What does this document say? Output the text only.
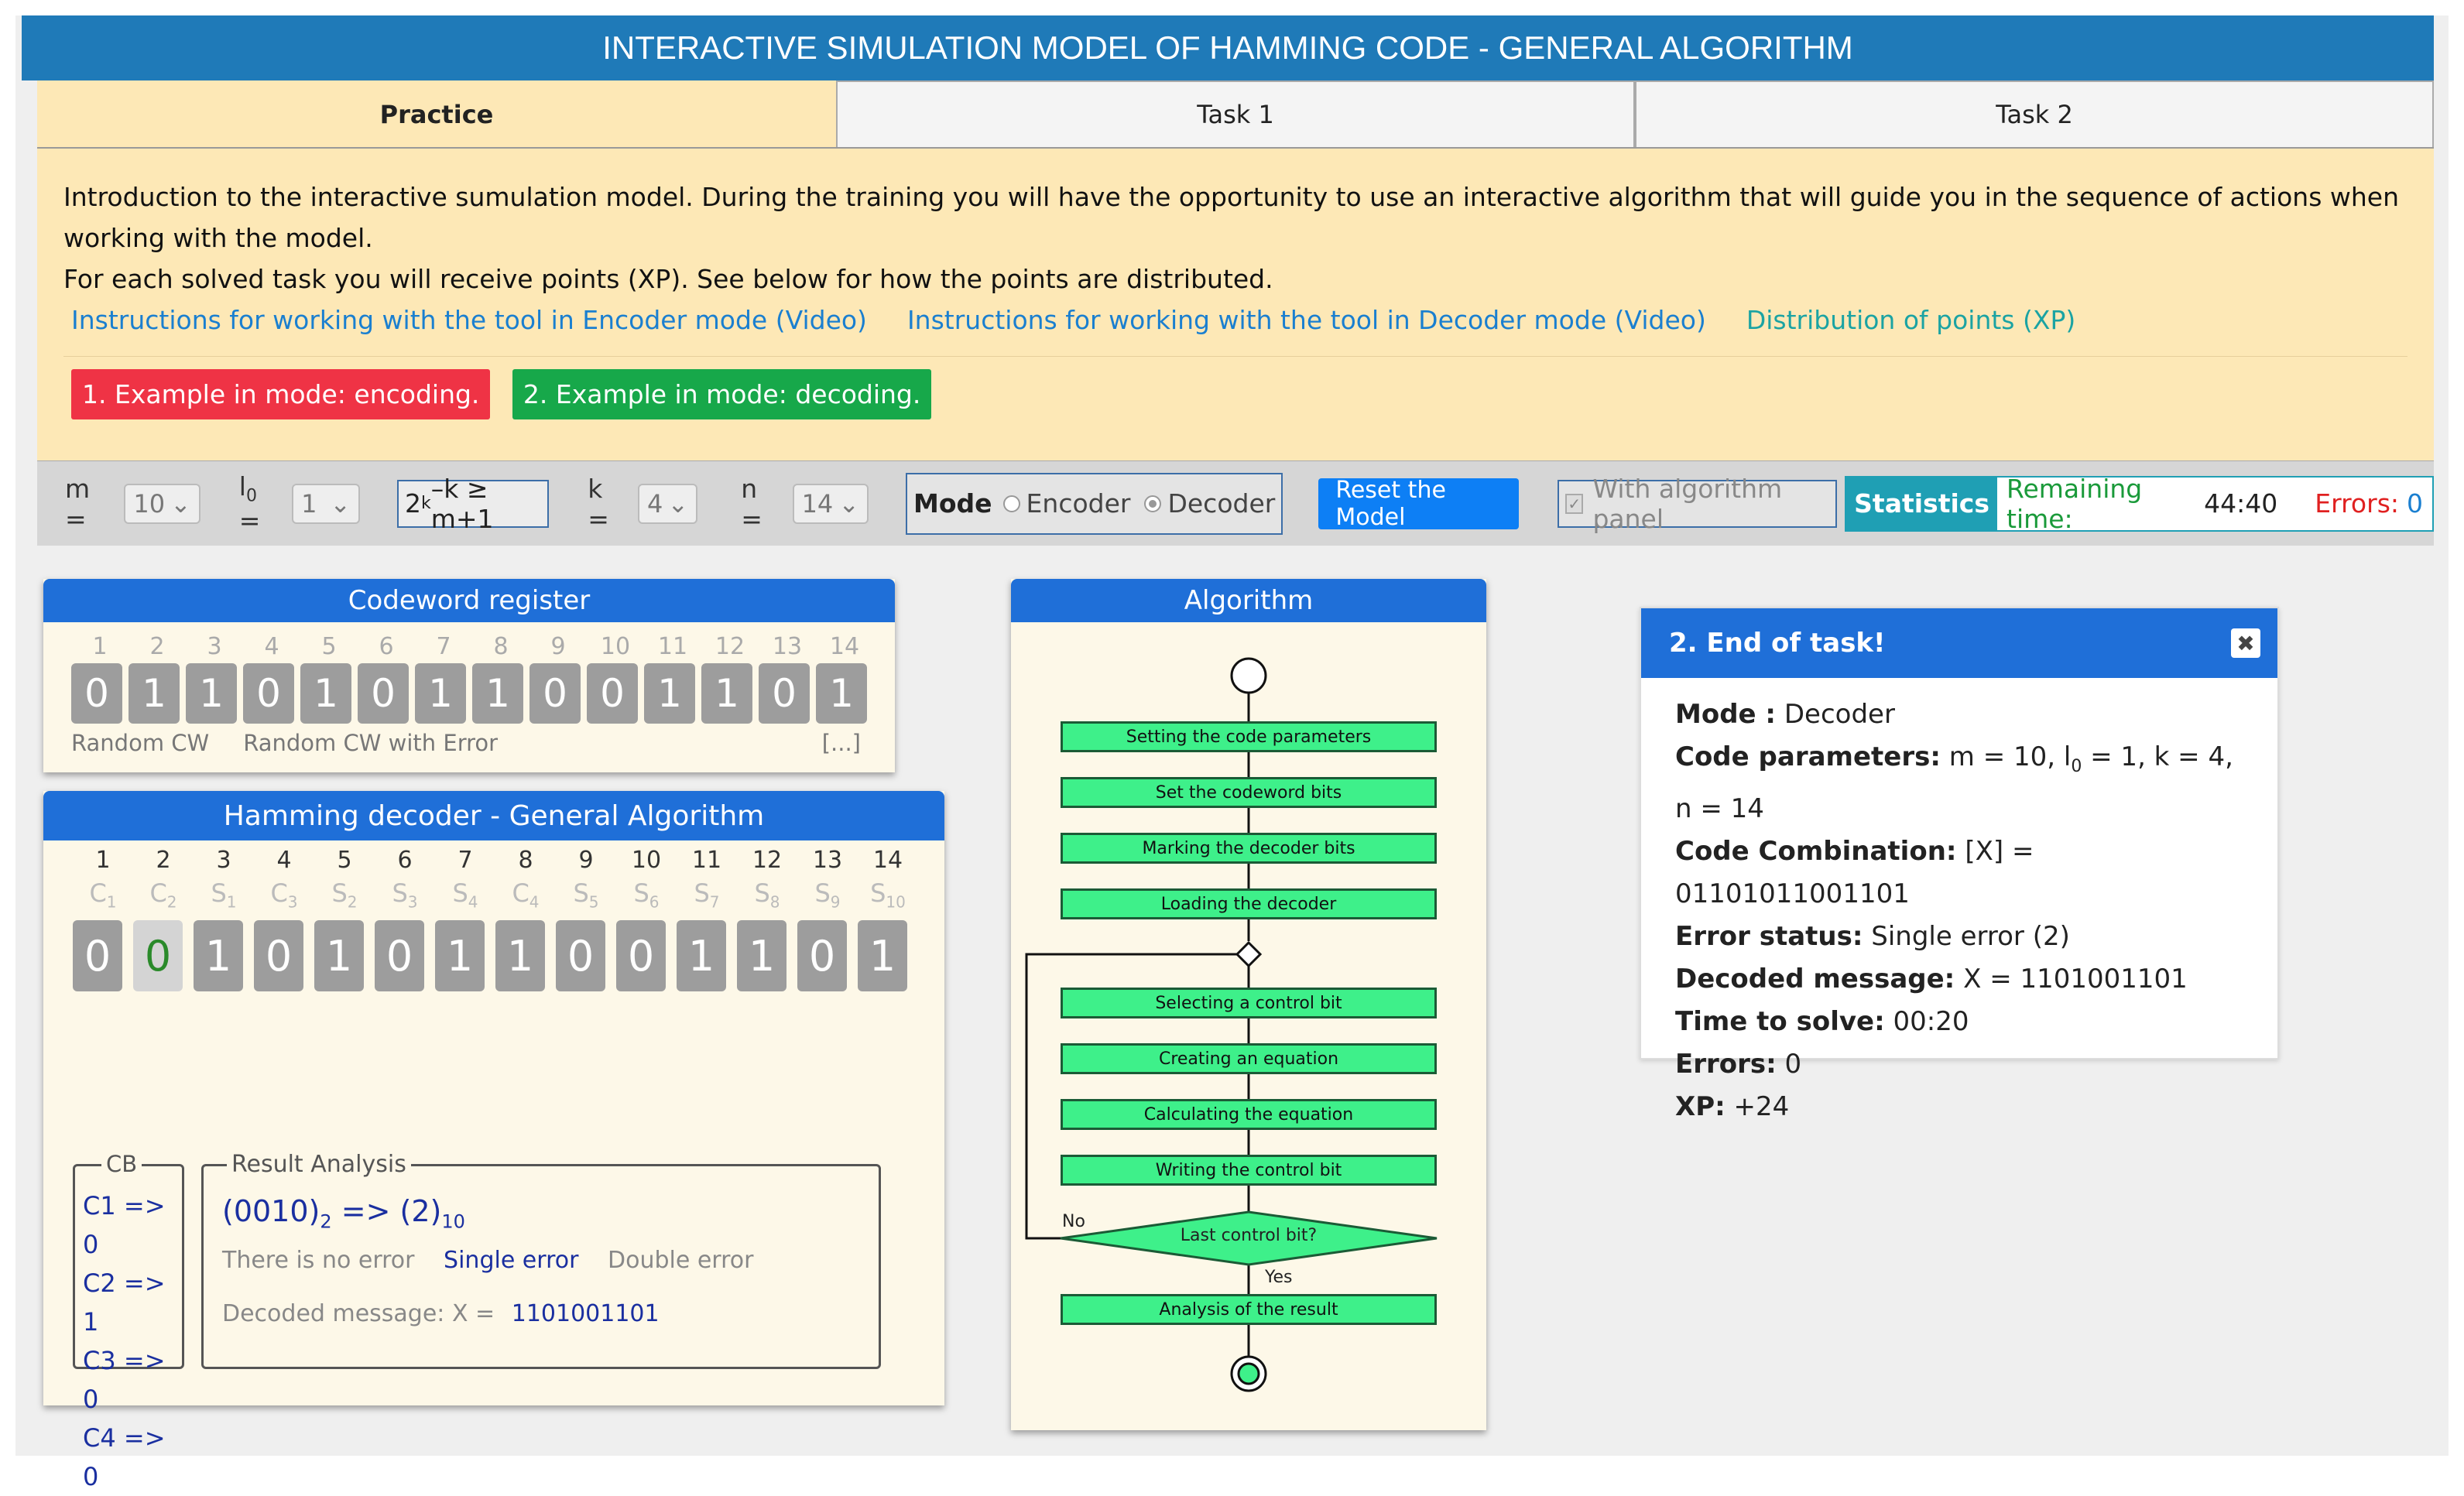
INTERACTIVE SIMULATION MODEL OF HAMMING CODE - GENERAL ALGORITHM
Practice	Task 1	Task 2
Introduction to the interactive sumulation model. During the training you will have the opportunity to use an interactive algorithm that will guide you in the sequence of actions when working with the model.
For each solved task you will receive points (XP). See below for how the points are distributed.
Instructions for working with the tool in Encoder mode (Video) Instructions for working with the tool in Decoder mode (Video) Distribution of points (XP)
1. Example in mode: encoding. 2. Example in mode: decoding.
m =	10 ⌄
$l_0$ =
1 ⌄ 2 k –k ≥ m+1
k =	4 ⌄ n =	14 ⌄ Mode Encoder Decoder	Reset the Model	✓ With algorithm panel	Statistics Remaining time:	44:40 Errors: 0
Codeword register
1	2	3	4	5	6	7	8	9	10	11	12	13	14
0 1 1 0 1 0 1 1 0 0 1 1 0 1
Random CW Random CW with Error	[...]
Hamming decoder - General Algorithm
1	2	3	4	5	6	7	8	9	10	11	12	13	14
$C_1$	$C_2$	$S_1$	$C_3$	$S_2$	$S_3$	$S_4$	$C_4$	$S_5$	$S_6$	$S_7$	$S_8$	$S_9$	$S_{10}$
0 0 1 0 1 0 1 1 0 0 1 1 0 1
CB
C1 => 0
C2 => 1
C3 => 0
C4 => 0
Result Analysis
$(0010)_2 => (2)_{10}$
There is no error Single error Double error
Decoded message: X = 1101001101
Algorithm
Setting the code parameters
Set the codeword bits
Marking the decoder bits
Loading the decoder
Selecting a control bit
Creating an equation
Calculating the equation
Writing the control bit
Last control bit?
Analysis of the result
No
Yes
2. End of task!	✖
Mode : Decoder
Code parameters: m = 10, $l_0 = 1$, k = 4, n = 14
Code Combination: [X] = 01101011001101
Error status: Single error (2)
Decoded message: X = 1101001101
Time to solve: 00:20
Errors: 0
XP: +24
